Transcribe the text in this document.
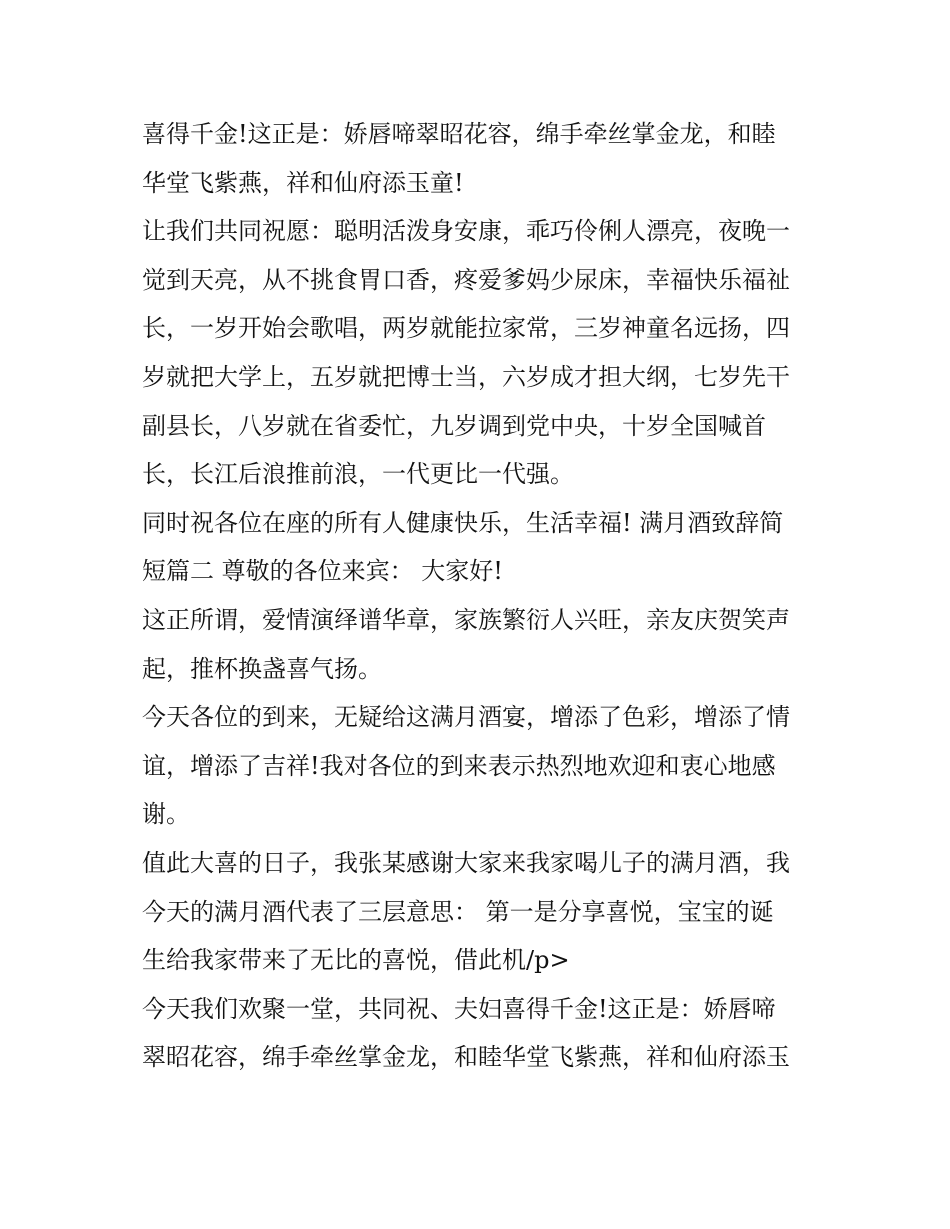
喜得千金!这正是：娇唇啼翠昭花容，绵手牵丝掌金龙，和睦
华堂飞紫燕，祥和仙府添玉童!
让我们共同祝愿：聪明活泼身安康，乖巧伶俐人漂亮，夜晚一
觉到天亮，从不挑食胃口香，疼爱爹妈少尿床，幸福快乐福祉
长，一岁开始会歌唱，两岁就能拉家常，三岁神童名远扬，四
岁就把大学上，五岁就把博士当，六岁成才担大纲，七岁先干
副县长，八岁就在省委忙，九岁调到党中央，十岁全国喊首
长，长江后浪推前浪，一代更比一代强。
同时祝各位在座的所有人健康快乐，生活幸福! 满月酒致辞简
短篇二 尊敬的各位来宾： 大家好!
这正所谓，爱情演绎谱华章，家族繁衍人兴旺，亲友庆贺笑声
起，推杯换盏喜气扬。
今天各位的到来，无疑给这满月酒宴，增添了色彩，增添了情
谊，增添了吉祥!我对各位的到来表示热烈地欢迎和衷心地感
谢。
值此大喜的日子，我张某感谢大家来我家喝儿子的满月酒，我
今天的满月酒代表了三层意思： 第一是分享喜悦，宝宝的诞
生给我家带来了无比的喜悦，借此机/p>
今天我们欢聚一堂，共同祝、夫妇喜得千金!这正是：娇唇啼
翠昭花容，绵手牵丝掌金龙，和睦华堂飞紫燕，祥和仙府添玉
